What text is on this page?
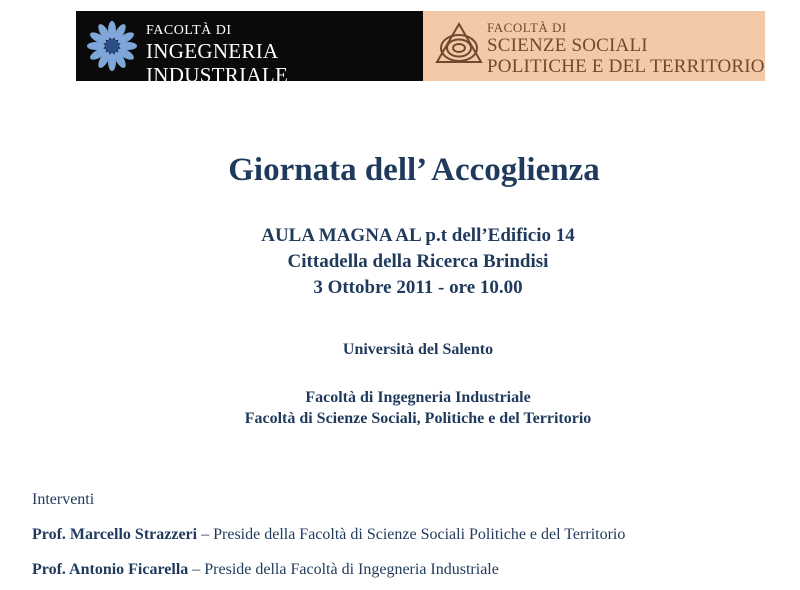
FACOLTÀ DI
INGEGNERIA INDUSTRIALE
FACOLTÀ DI
SCIENZE SOCIALI
POLITICHE E DEL TERRITORIO
Giornata dell’ Accoglienza
AULA MAGNA AL p.t dell’Edificio 14
Cittadella della Ricerca Brindisi
3 Ottobre 2011 - ore 10.00
Università del Salento
Facoltà di Ingegneria Industriale
Facoltà di Scienze Sociali, Politiche e del Territorio
Interventi
Prof. Marcello Strazzeri – Preside della Facoltà di Scienze Sociali Politiche e del Territorio
Prof. Antonio Ficarella – Preside della Facoltà di Ingegneria Industriale
